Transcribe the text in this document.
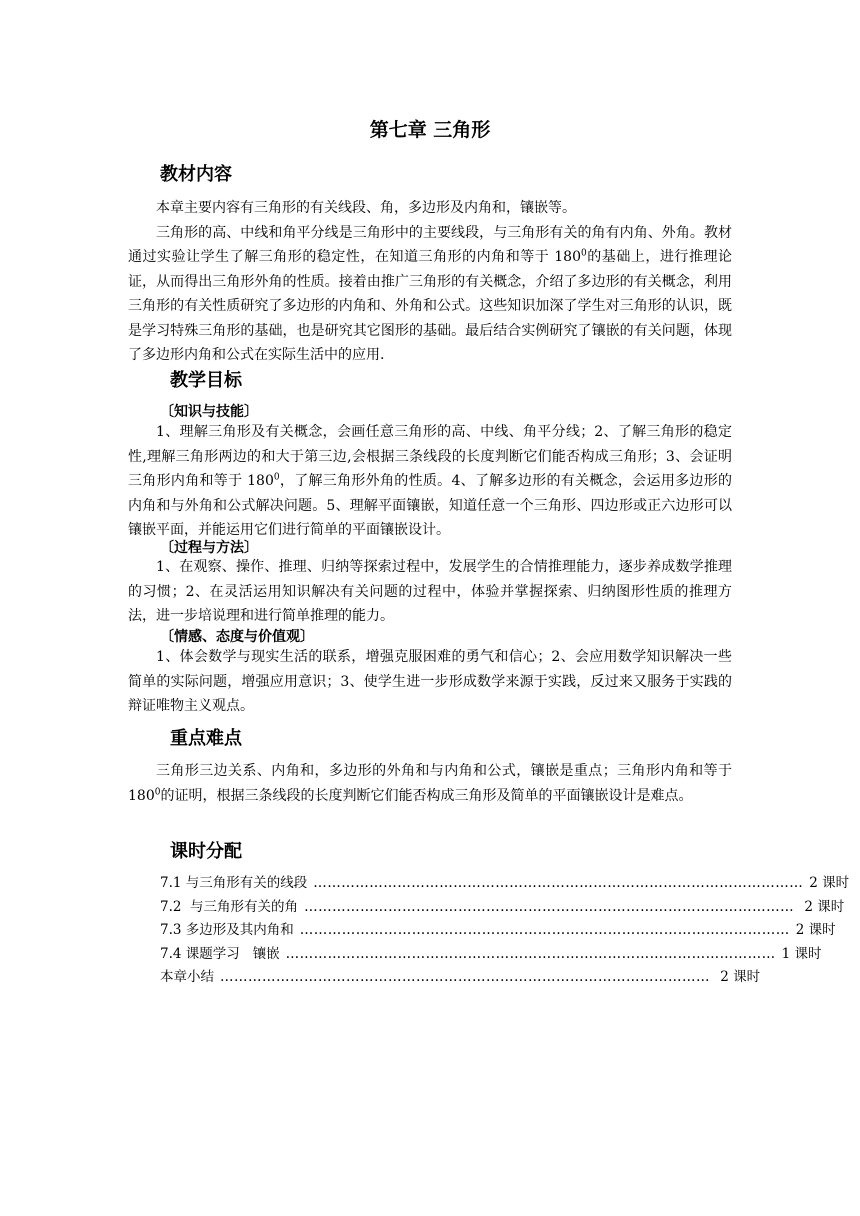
第七章 三角形
教材内容

本章主要内容有三角形的有关线段、角，多边形及内角和，镶嵌等。

三角形的高、中线和角平分线是三角形中的主要线段，与三角形有关的角有内角、外角。教材通过实验让学生了解三角形的稳定性，在知道三角形的内角和等于 $180^0$的基础上，进行推理论证，从而得出三角形外角的性质。接着由推广三角形的有关概念，介绍了多边形的有关概念，利用三角形的有关性质研究了多边形的内角和、外角和公式。这些知识加深了学生对三角形的认识，既是学习特殊三角形的基础，也是研究其它图形的基础。最后结合实例研究了镶嵌的有关问题，体现了多边形内角和公式在实际生活中的应用.

教学目标
〔知识与技能〕

1、理解三角形及有关概念，会画任意三角形的高、中线、角平分线；2、了解三角形的稳定性,理解三角形两边的和大于第三边,会根据三条线段的长度判断它们能否构成三角形；3、会证明三角形内角和等于 $180^0$，了解三角形外角的性质。4、了解多边形的有关概念，会运用多边形的内角和与外角和公式解决问题。5、理解平面镶嵌，知道任意一个三角形、四边形或正六边形可以镶嵌平面，并能运用它们进行简单的平面镶嵌设计。

〔过程与方法〕

1、在观察、操作、推理、归纳等探索过程中，发展学生的合情推理能力，逐步养成数学推理的习惯；2、在灵活运用知识解决有关问题的过程中，体验并掌握探索、归纳图形性质的推理方法，进一步培说理和进行简单推理的能力。

〔情感、态度与价值观〕

1、体会数学与现实生活的联系，增强克服困难的勇气和信心；2、会应用数学知识解决一些简单的实际问题，增强应用意识；3、使学生进一步形成数学来源于实践，反过来又服务于实践的辩证唯物主义观点。

重点难点

三角形三边关系、内角和，多边形的外角和与内角和公式，镶嵌是重点；三角形内角和等于 $180^0$的证明，根据三条线段的长度判断它们能否构成三角形及简单的平面镶嵌设计是难点。

课时分配
7.1 与三角形有关的线段 …………………………………………………………………………………………… 2 课时
7.2  与三角形有关的角 …………………………………………………………………………………………… 2 课时
7.3 多边形及其内角和 …………………………………………………………………………………………… 2 课时
7.4 课题学习   镶嵌 …………………………………………………………………………………………… 1 课时
本章小结 …………………………………………………………………………………………… 2 课时
